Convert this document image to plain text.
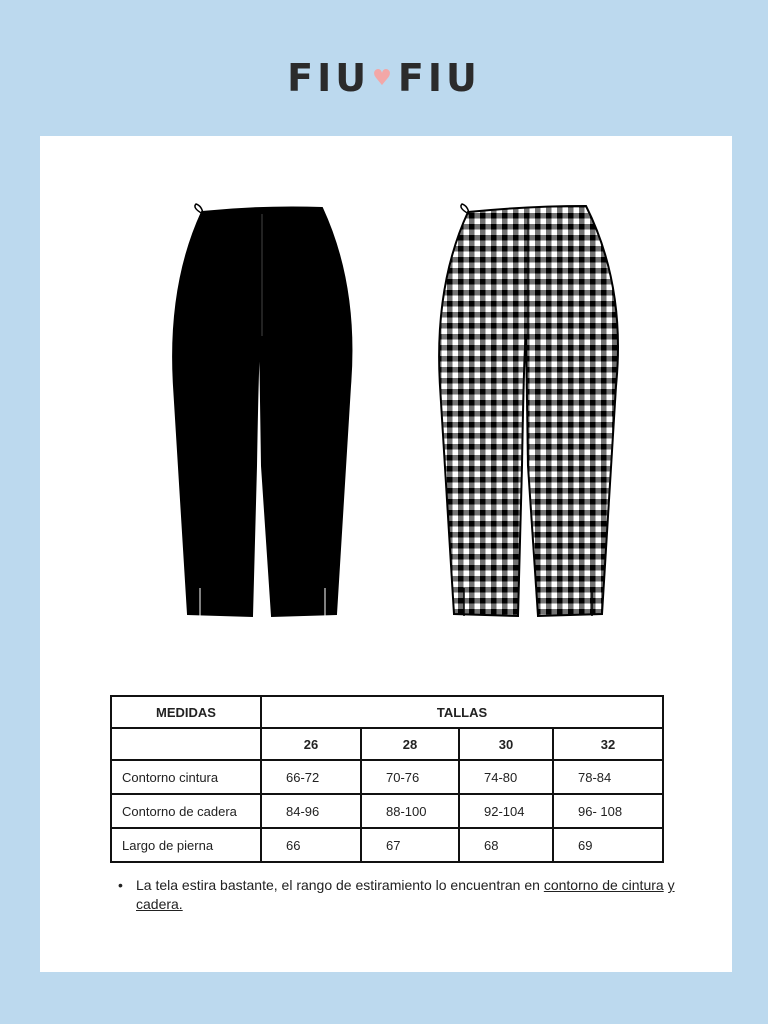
FIU♥FIU
MEDIDAS	TALLAS			
	26	28	30	32
Contorno cintura	66-72	70-76	74-80	78-84
Contorno de cadera	84-96	88-100	92-104	96- 108
Largo de pierna	66	67	68	69
• La tela estira bastante, el rango de estiramiento lo encuentran en contorno de cintura y cadera.
